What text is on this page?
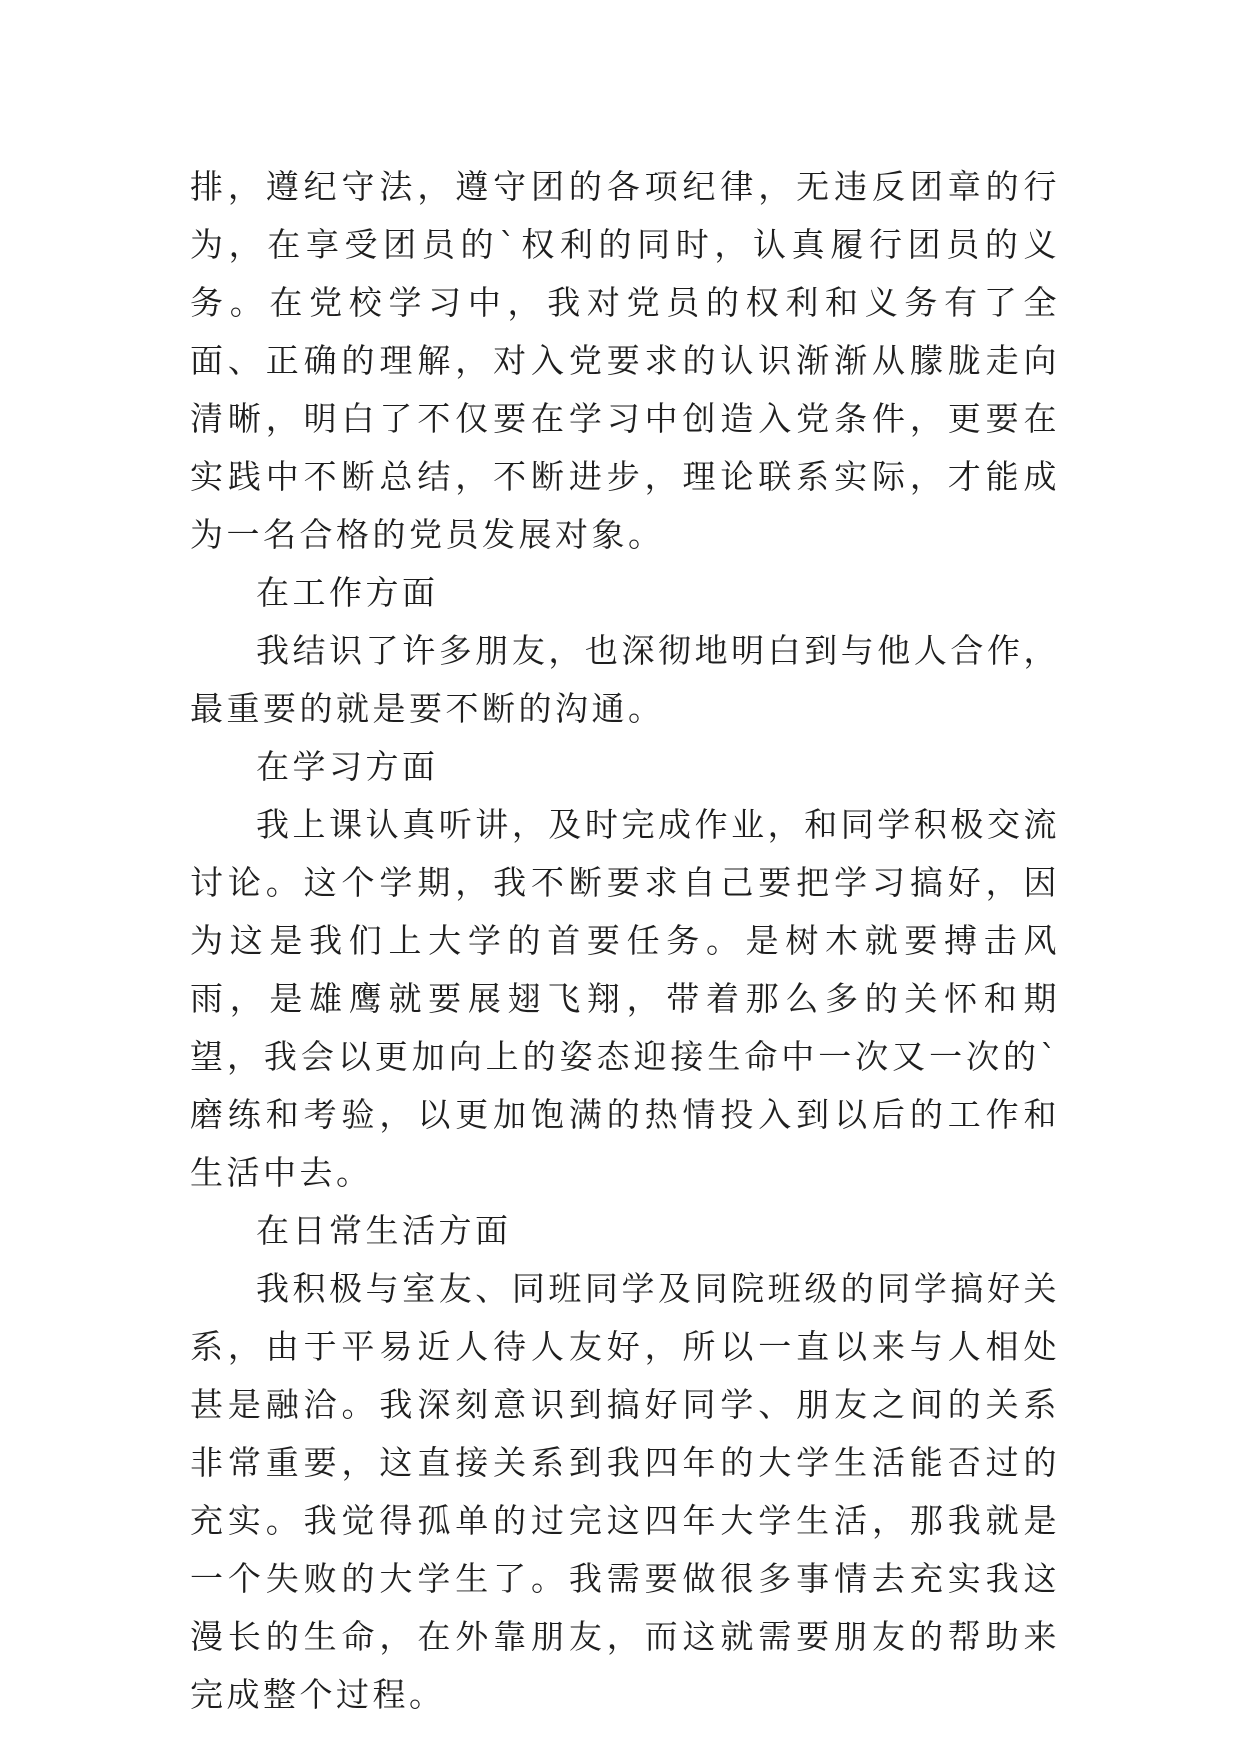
排，遵纪守法，遵守团的各项纪律，无违反团章的行为，在享受团员的`权利的同时，认真履行团员的义务。在党校学习中，我对党员的权利和义务有了全面、正确的理解，对入党要求的认识渐渐从朦胧走向清晰，明白了不仅要在学习中创造入党条件，更要在实践中不断总结，不断进步，理论联系实际，才能成为一名合格的党员发展对象。

在工作方面

我结识了许多朋友，也深彻地明白到与他人合作，最重要的就是要不断的沟通。

在学习方面

我上课认真听讲，及时完成作业，和同学积极交流讨论。这个学期，我不断要求自己要把学习搞好，因为这是我们上大学的首要任务。是树木就要搏击风雨，是雄鹰就要展翅飞翔，带着那么多的关怀和期望，我会以更加向上的姿态迎接生命中一次又一次的`磨练和考验，以更加饱满的热情投入到以后的工作和生活中去。

在日常生活方面

我积极与室友、同班同学及同院班级的同学搞好关系，由于平易近人待人友好，所以一直以来与人相处甚是融洽。我深刻意识到搞好同学、朋友之间的关系非常重要，这直接关系到我四年的大学生活能否过的充实。我觉得孤单的过完这四年大学生活，那我就是一个失败的大学生了。我需要做很多事情去充实我这漫长的生命，在外靠朋友，而这就需要朋友的帮助来完成整个过程。
